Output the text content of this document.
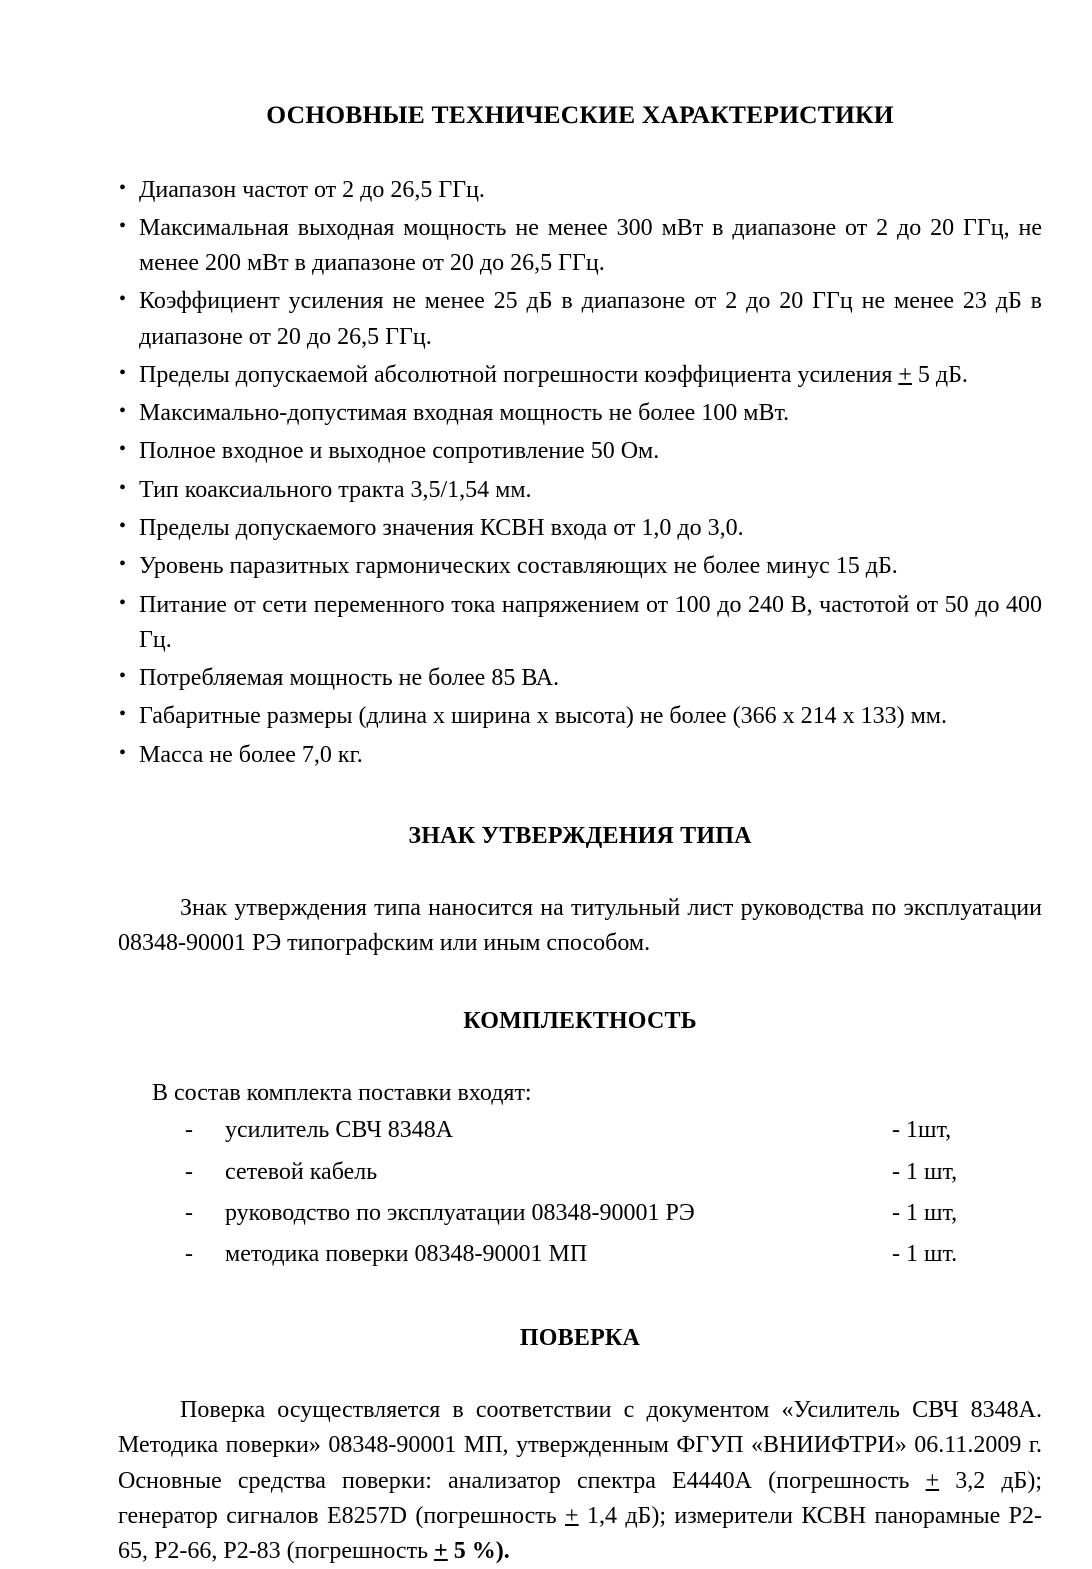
ОСНОВНЫЕ ТЕХНИЧЕСКИЕ ХАРАКТЕРИСТИКИ
• Диапазон частот от 2 до 26,5 ГГц.
• Максимальная выходная мощность не менее 300 мВт в диапазоне от 2 до 20 ГГц, не менее 200 мВт в диапазоне от 20 до 26,5 ГГц.
• Коэффициент усиления не менее 25 дБ в диапазоне от 2 до 20 ГГц не менее 23 дБ в диапазоне от 20 до 26,5 ГГц.
• Пределы допускаемой абсолютной погрешности коэффициента усиления + 5 дБ.
• Максимально-допустимая входная мощность не более 100 мВт.
• Полное входное и выходное сопротивление 50 Ом.
• Тип коаксиального тракта 3,5/1,54 мм.
• Пределы допускаемого значения КСВН входа от 1,0 до 3,0.
• Уровень паразитных гармонических составляющих не более минус 15 дБ.
• Питание от сети переменного тока напряжением от 100 до 240 В, частотой от 50 до 400 Гц.
• Потребляемая мощность не более 85 ВА.
• Габаритные размеры (длина х ширина х высота) не более (366 х 214 х 133) мм.
• Масса не более 7,0 кг.
ЗНАК УТВЕРЖДЕНИЯ ТИПА

Знак утверждения типа наносится на титульный лист руководства по эксплуатации 08348-90001 РЭ типографским или иным способом.

КОМПЛЕКТНОСТЬ
В состав комплекта поставки входят:
-	усилитель СВЧ 8348А	- 1шт,
-	сетевой кабель	- 1 шт,
-	руководство по эксплуатации 08348-90001 РЭ	- 1 шт,
-	методика поверки 08348-90001 МП	- 1 шт.
ПОВЕРКА

Поверка осуществляется в соответствии с документом «Усилитель СВЧ 8348А. Методика поверки» 08348-90001 МП, утвержденным ФГУП «ВНИИФТРИ» 06.11.2009 г. Основные средства поверки: анализатор спектра Е4440А (погрешность + 3,2 дБ); генератор сигналов Е8257D (погрешность + 1,4 дБ); измерители КСВН панорамные Р2-65, Р2-66, Р2-83 (погрешность + 5 %).
